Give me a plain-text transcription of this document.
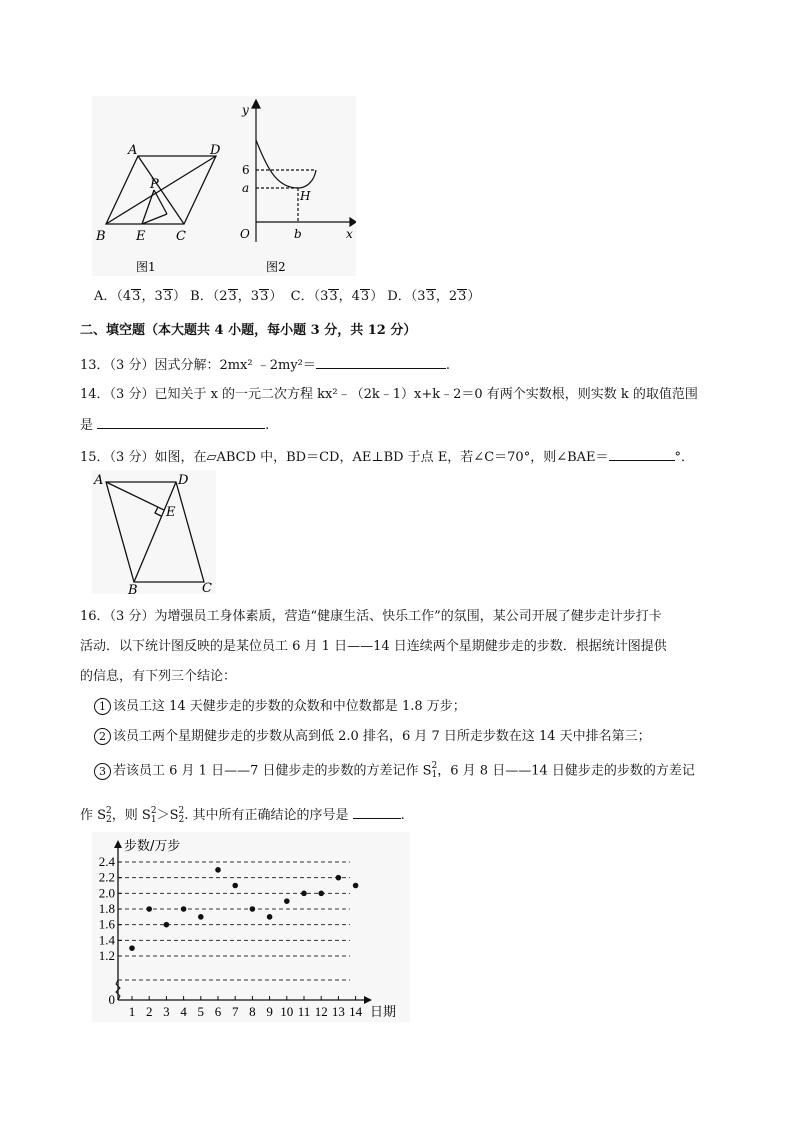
A	D
P
B E C
图1
y
x
6
a
H
O	b
图2
A．（43，33） B．（23，33） C．（33，43） D．（33，23）
二、填空题（本大题共 4 小题，每小题 3 分，共 12 分）
13．（3 分）因式分解：2mx² ﹣2my²＝	.
14．（3 分）已知关于 x 的一元二次方程 kx²﹣（2k﹣1）x+k﹣2＝0 有两个实数根，则实数 k 的取值范围
是	.
15．（3 分）如图，在▱ABCD 中，BD＝CD，AE⊥BD 于点 E，若∠C＝70°，则∠BAE＝	°．
A	D
E
B	C
16．（3 分）为增强员工身体素质，营造“健康生活、快乐工作”的氛围，某公司开展了健步走计步打卡
活动．以下统计图反映的是某位员工 6 月 1 日——14 日连续两个星期健步走的步数．根据统计图提供
的信息，有下列三个结论：
1 该员工这 14 天健步走的步数的众数和中位数都是 1.8 万步；
2 该员工两个星期健步走的步数从高到低 2.0 排名，6 月 7 日所走步数在这 14 天中排名第三；
3 若该员工 6 月 1 日——7 日健步走的步数的方差记作 S2
1，6 月 8 日——14 日健步走的步数的方差记
作 S2
2，则 S2
1＞S2
2. 其中所有正确结论的序号是	.
1 2 3 4 5 6 7 8 9 10 11 12 13 14
0
1.2
1.4
1.6
1.8
2.0
2.2
2.4
步数/万步
日期
